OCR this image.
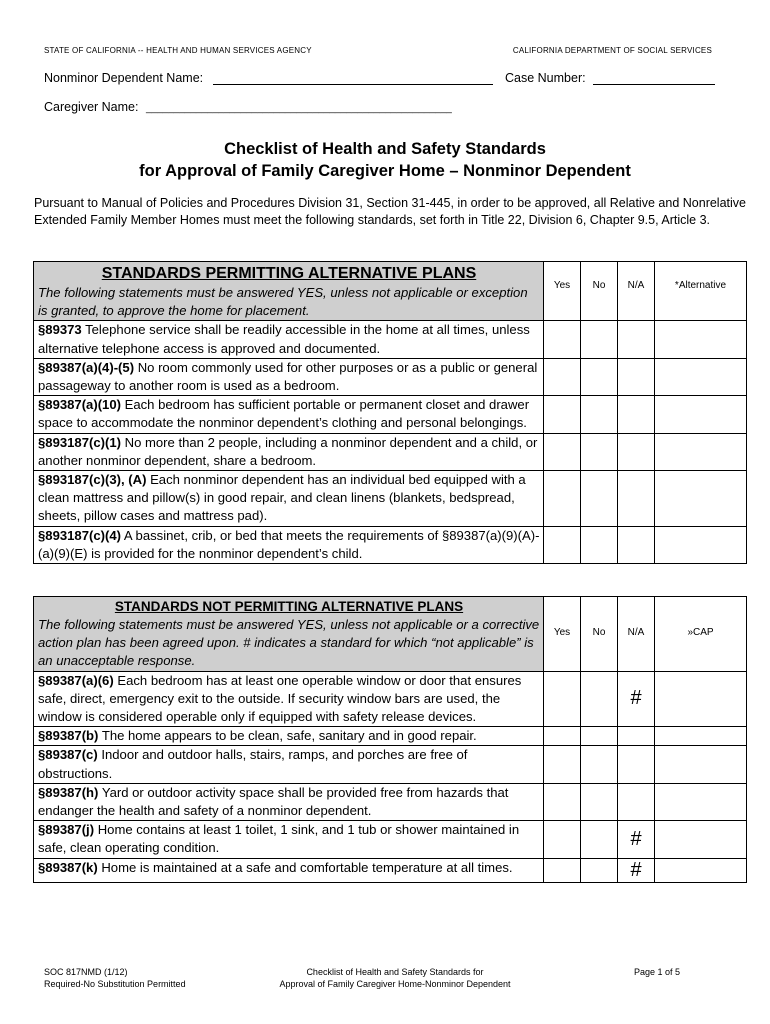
STATE OF CALIFORNIA -- HEALTH AND HUMAN SERVICES AGENCY	CALIFORNIA DEPARTMENT OF SOCIAL SERVICES
Nonminor Dependent Name:	Case Number:
Caregiver Name: _______________________________________________________
Checklist of Health and Safety Standards
for Approval of Family Caregiver Home – Nonminor Dependent
Pursuant to Manual of Policies and Procedures Division 31, Section 31-445, in order to be approved, all Relative and Nonrelative Extended Family Member Homes must meet the following standards, set forth in Title 22, Division 6, Chapter 9.5, Article 3.
STANDARDS PERMITTING ALTERNATIVE PLANS
The following statements must be answered YES, unless not applicable or exception is granted, to approve the home for placement.	Yes	No	N/A	*Alternative
§89373 Telephone service shall be readily accessible in the home at all times, unless alternative telephone access is approved and documented.				
§89387(a)(4)-(5) No room commonly used for other purposes or as a public or general passageway to another room is used as a bedroom.				
§89387(a)(10) Each bedroom has sufficient portable or permanent closet and drawer space to accommodate the nonminor dependent’s clothing and personal belongings.				
§893187(c)(1) No more than 2 people, including a nonminor dependent and a child, or another nonminor dependent, share a bedroom.				
§893187(c)(3), (A) Each nonminor dependent has an individual bed equipped with a clean mattress and pillow(s) in good repair, and clean linens (blankets, bedspread, sheets, pillow cases and mattress pad).				
§893187(c)(4) A bassinet, crib, or bed that meets the requirements of §89387(a)(9)(A)-(a)(9)(E) is provided for the nonminor dependent’s child.				
STANDARDS NOT PERMITTING ALTERNATIVE PLANS
The following statements must be answered YES, unless not applicable or a corrective action plan has been agreed upon. # indicates a standard for which “not applicable” is an unacceptable response.	Yes	No	N/A	»CAP
§89387(a)(6) Each bedroom has at least one operable window or door that ensures safe, direct, emergency exit to the outside. If security window bars are used, the window is considered operable only if equipped with safety release devices.			#	
§89387(b) The home appears to be clean, safe, sanitary and in good repair.				
§89387(c) Indoor and outdoor halls, stairs, ramps, and porches are free of obstructions.				
§89387(h) Yard or outdoor activity space shall be provided free from hazards that endanger the health and safety of a nonminor dependent.				
§89387(j) Home contains at least 1 toilet, 1 sink, and 1 tub or shower maintained in safe, clean operating condition.			#	
§89387(k) Home is maintained at a safe and comfortable temperature at all times.			#	
SOC 817NMD (1/12)
Required-No Substitution Permitted
Checklist of Health and Safety Standards for
Approval of Family Caregiver Home-Nonminor Dependent
Page 1 of 5
